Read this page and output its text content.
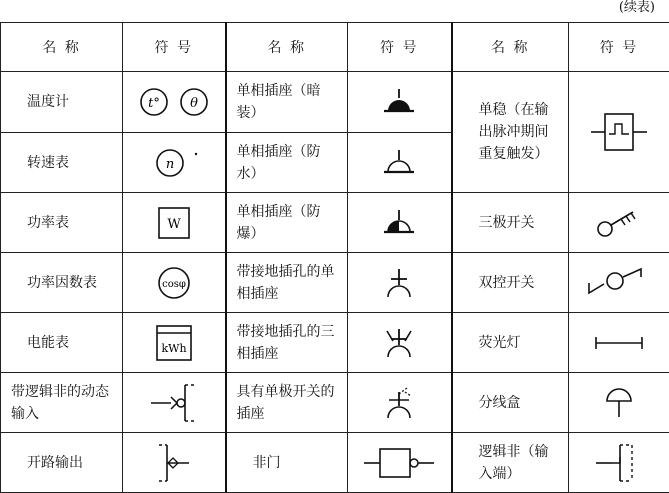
(续表)
名 称	符 号	名 称	符 号	名 称	符 号
温度计	t° θ	单相插座（暗装）		单稳（在输出脉冲期间重复触发）	

转速表	n	单相插座（防水）	

功率表	W	单相插座（防爆）		三极开关	

功率因数表	cosφ	带接地插孔的单相插座		双控开关	

电能表	kWh	带接地插孔的三相插座		荧光灯	

带逻辑非的动态输入		具有单极开关的插座		分线盒	

开路输出		非门		逻辑非（输入端）	
